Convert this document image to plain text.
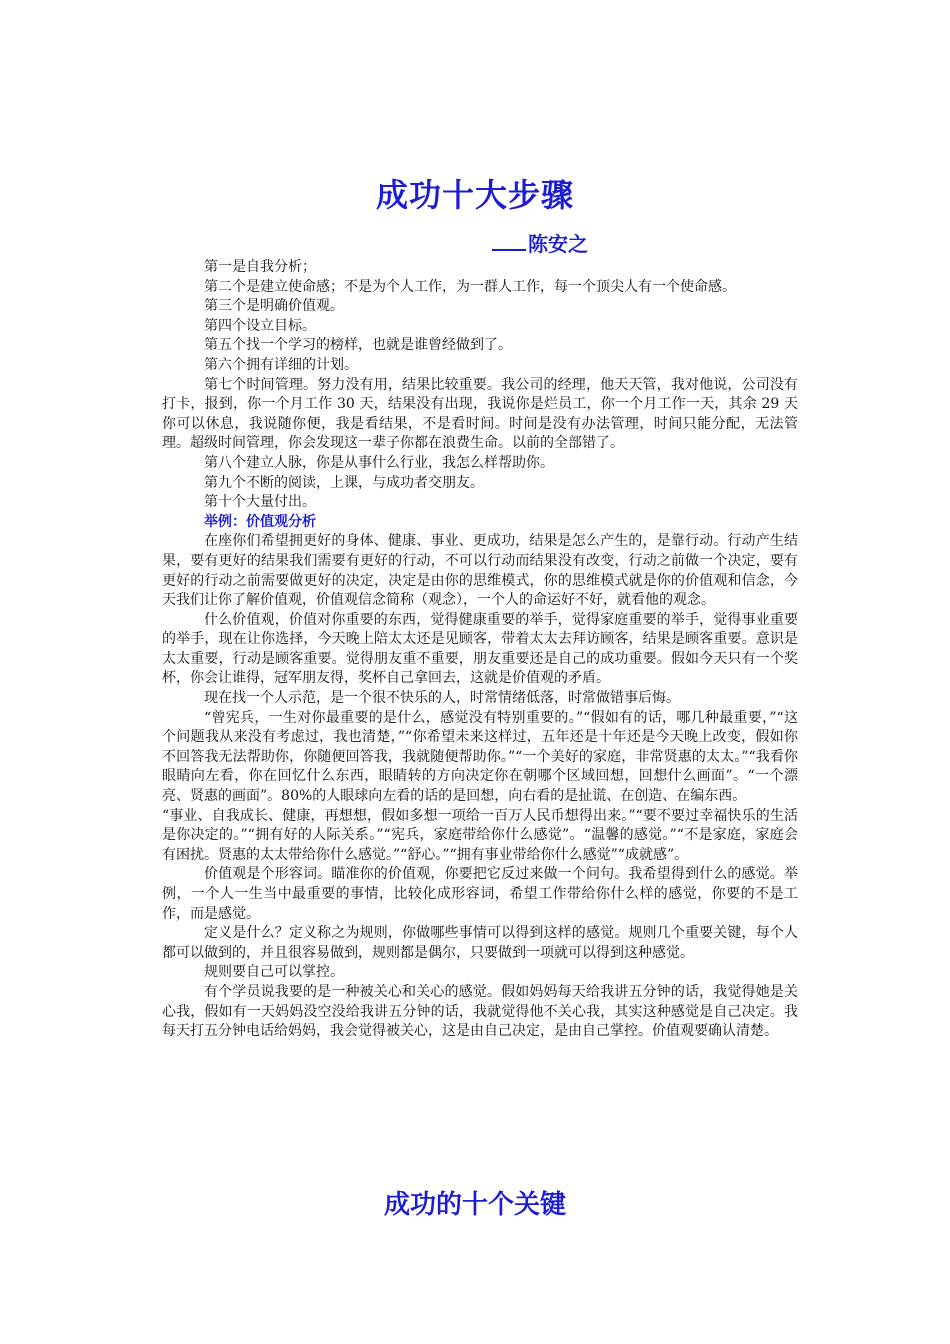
成功十大步骤
陈安之

第一是自我分析；

第二个是建立使命感；不是为个人工作，为一群人工作，每一个顶尖人有一个使命感。

第三个是明确价值观。

第四个设立目标。

第五个找一个学习的榜样，也就是谁曾经做到了。

第六个拥有详细的计划。

第七个时间管理。努力没有用，结果比较重要。我公司的经理，他天天管，我对他说，公司没有打卡，报到，你一个月工作 30 天，结果没有出现，我说你是烂员工，你一个月工作一天，其余 29 天你可以休息，我说随你便，我是看结果，不是看时间。时间是没有办法管理，时间只能分配，无法管理。超级时间管理，你会发现这一辈子你都在浪费生命。以前的全部错了。

第八个建立人脉，你是从事什么行业，我怎么样帮助你。

第九个不断的阅读，上课，与成功者交朋友。

第十个大量付出。

举例：价值观分析

在座你们希望拥更好的身体、健康、事业、更成功，结果是怎么产生的，是靠行动。行动产生结果，要有更好的结果我们需要有更好的行动，不可以行动而结果没有改变，行动之前做一个决定，要有更好的行动之前需要做更好的决定，决定是由你的思维模式，你的思维模式就是你的价值观和信念，今天我们让你了解价值观，价值观信念简称（观念），一个人的命运好不好，就看他的观念。

什么价值观，价值对你重要的东西，觉得健康重要的举手，觉得家庭重要的举手，觉得事业重要的举手，现在让你选择，今天晚上陪太太还是见顾客，带着太太去拜访顾客，结果是顾客重要。意识是太太重要，行动是顾客重要。觉得朋友重不重要，朋友重要还是自己的成功重要。假如今天只有一个奖杯，你会让谁得，冠军朋友得，奖杯自己拿回去，这就是价值观的矛盾。

现在找一个人示范，是一个很不快乐的人，时常情绪低落，时常做错事后悔。

“曾宪兵，一生对你最重要的是什么，感觉没有特别重要的。”“假如有的话，哪几种最重要，”“这个问题我从来没有考虑过，我也清楚，”“你希望未来这样过，五年还是十年还是今天晚上改变，假如你不回答我无法帮助你，你随便回答我，我就随便帮助你。”“一个美好的家庭，非常贤惠的太太。”“我看你眼睛向左看，你在回忆什么东西，眼睛转的方向决定你在朝哪个区域回想，回想什么画面”。“一个漂亮、贤惠的画面”。80%的人眼球向左看的话的是回想，向右看的是扯谎、在创造、在编东西。

“事业、自我成长、健康，再想想，假如多想一项给一百万人民币想得出来。”“要不要过幸福快乐的生活是你决定的。”“拥有好的人际关系。”“宪兵，家庭带给你什么感觉”。“温馨的感觉。”“不是家庭，家庭会有困扰。贤惠的太太带给你什么感觉。”“舒心。”“拥有事业带给你什么感觉”“成就感”。

价值观是个形容词。瞄准你的价值观，你要把它反过来做一个问句。我希望得到什么的感觉。举例，一个人一生当中最重要的事情，比较化成形容词，希望工作带给你什么样的感觉，你要的不是工作，而是感觉。

定义是什么？定义称之为规则，你做哪些事情可以得到这样的感觉。规则几个重要关键，每个人都可以做到的，并且很容易做到，规则都是偶尔，只要做到一项就可以得到这种感觉。

规则要自己可以掌控。

有个学员说我要的是一种被关心和关心的感觉。假如妈妈每天给我讲五分钟的话，我觉得她是关心我，假如有一天妈妈没空没给我讲五分钟的话，我就觉得他不关心我，其实这种感觉是自己决定。我每天打五分钟电话给妈妈，我会觉得被关心，这是由自己决定，是由自己掌控。价值观要确认清楚。

成功的十个关键
